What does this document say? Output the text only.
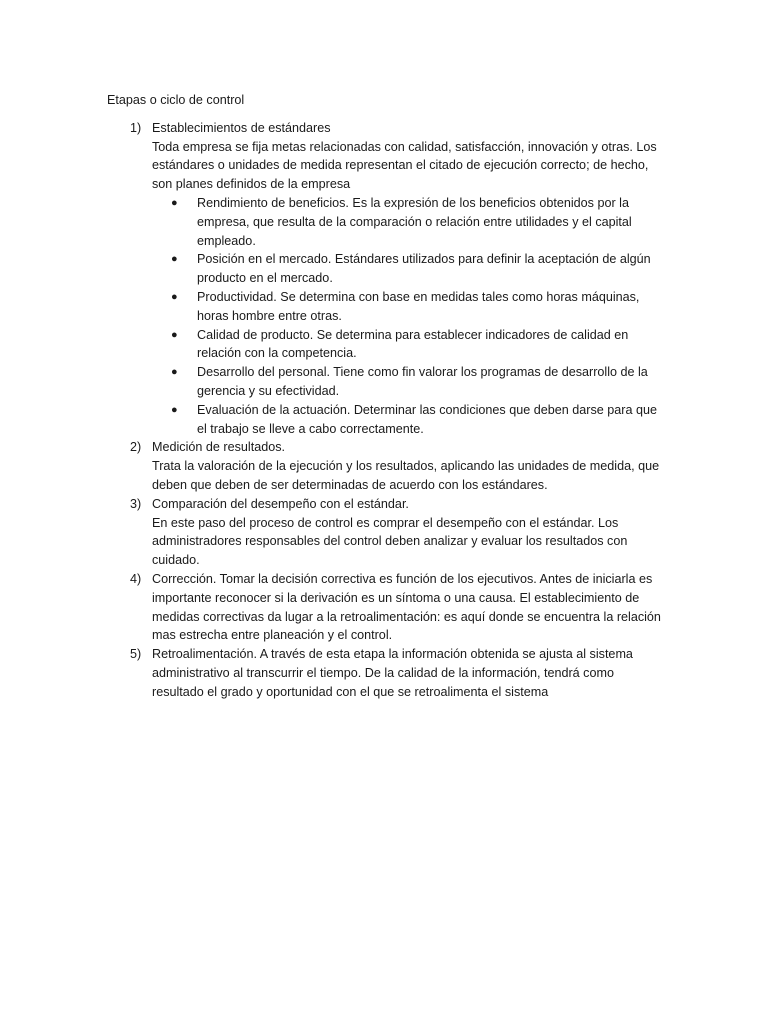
Etapas o ciclo de control
1) Establecimientos de estándares
Toda empresa se fija metas relacionadas con calidad, satisfacción, innovación y otras. Los estándares o unidades de medida representan el citado de ejecución correcto; de hecho, son planes definidos de la empresa
● Rendimiento de beneficios. Es la expresión de los beneficios obtenidos por la empresa, que resulta de la comparación o relación entre utilidades y el capital empleado.
● Posición en el mercado. Estándares utilizados para definir la aceptación de algún producto en el mercado.
● Productividad. Se determina con base en medidas tales como horas máquinas, horas hombre entre otras.
● Calidad de producto. Se determina para establecer indicadores de calidad en relación con la competencia.
● Desarrollo del personal. Tiene como fin valorar los programas de desarrollo de la gerencia y su efectividad.
● Evaluación de la actuación. Determinar las condiciones que deben darse para que el trabajo se lleve a cabo correctamente.
2) Medición de resultados.
Trata la valoración de la ejecución y los resultados, aplicando las unidades de medida, que deben que deben de ser determinadas de acuerdo con los estándares.
3) Comparación del desempeño con el estándar.
En este paso del proceso de control es comprar el desempeño con el estándar. Los administradores responsables del control deben analizar y evaluar los resultados con cuidado.
4) Corrección. Tomar la decisión correctiva es función de los ejecutivos. Antes de iniciarla es importante reconocer si la derivación es un síntoma o una causa. El establecimiento de medidas correctivas da lugar a la retroalimentación: es aquí donde se encuentra la relación mas estrecha entre planeación y el control.
5) Retroalimentación. A través de esta etapa la información obtenida se ajusta al sistema administrativo al transcurrir el tiempo. De la calidad de la información, tendrá como resultado el grado y oportunidad con el que se retroalimenta el sistema
